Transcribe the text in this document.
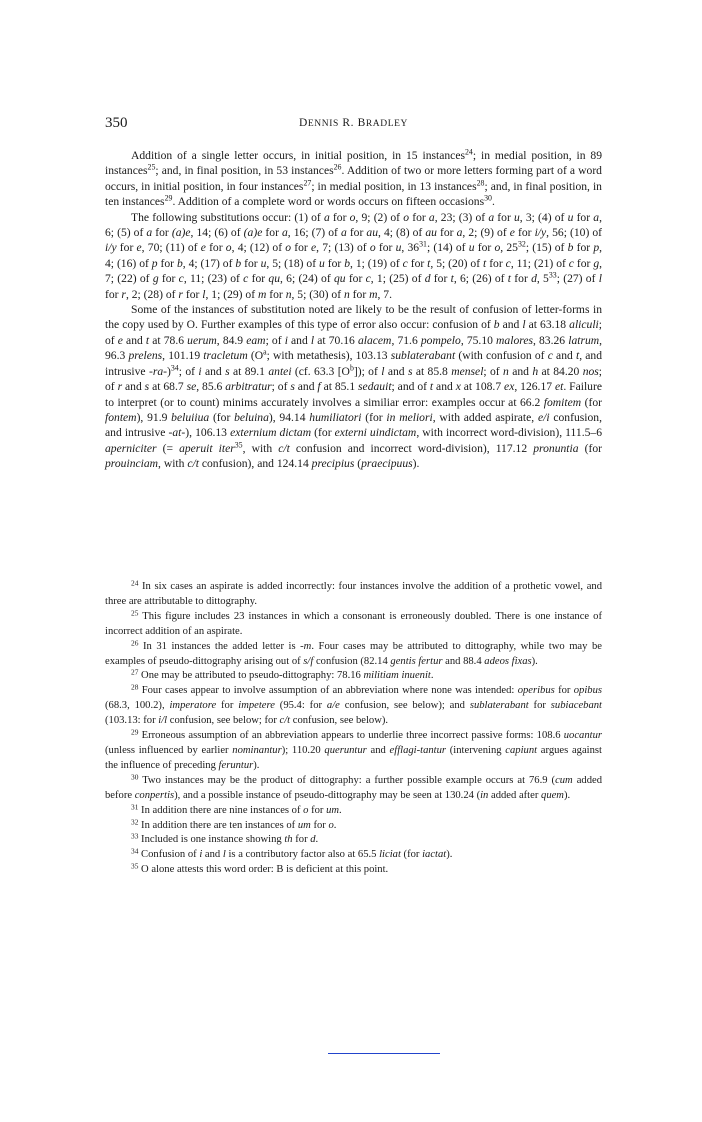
350	DENNIS R. BRADLEY

Addition of a single letter occurs, in initial position, in 15 instances$^{24}$; in medial position, in 89 instances$^{25}$; and, in final position, in 53 instances$^{26}$. Addition of two or more letters forming part of a word occurs, in initial position, in four instances$^{27}$; in medial position, in 13 instances$^{28}$; and, in final position, in ten instances$^{29}$. Addition of a complete word or words occurs on fifteen occasions$^{30}$.

The following substitutions occur: (1) of a for o, 9; (2) of o for a, 23; (3) of a for u, 3; (4) of u for a, 6; (5) of a for (a)e, 14; (6) of (a)e for a, 16; (7) of a for au, 4; (8) of au for a, 2; (9) of e for i/y, 56; (10) of i/y for e, 70; (11) of e for o, 4; (12) of o for e, 7; (13) of o for u, $36^{31}$; (14) of u for o, $25^{32}$; (15) of b for p, 4; (16) of p for b, 4; (17) of b for u, 5; (18) of u for b, 1; (19) of c for t, 5; (20) of t for c, 11; (21) of c for g, 7; (22) of g for c, 11; (23) of c for qu, 6; (24) of qu for c, 1; (25) of d for t, 6; (26) of t for d, $5^{33}$; (27) of l for r, 2; (28) of r for l, 1; (29) of m for n, 5; (30) of n for m, 7.

Some of the instances of substitution noted are likely to be the result of confusion of letter-forms in the copy used by O. Further examples of this type of error also occur: confusion of b and l at 63.18 aliculi; of e and t at 78.6 uerum, 84.9 eam; of i and l at 70.16 alacem, 71.6 pompelo, 75.10 malores, 83.26 latrum, 96.3 prelens, 101.19 tracletum ($O^a$; with metathesis), 103.13 sublaterabant (with confusion of c and t, and intrusive -ra-)$^{34}$; of i and s at 89.1 antei (cf. 63.3 $[O^b]$); of l and s at 85.8 mensel; of n and h at 84.20 nos; of r and s at 68.7 se, 85.6 arbitratur; of s and f at 85.1 sedauit; and of t and x at 108.7 ex, 126.17 et. Failure to interpret (or to count) minims accurately involves a similiar error: examples occur at 66.2 fomitem (for fontem), 91.9 beluiiua (for beluina), 94.14 humiliatori (for in meliori, with added aspirate, e/i confusion, and intrusive -at-), 106.13 externium dictam (for externi uindictam, with incorrect word-division), 111.5–6 aperniciter (= aperuit iter$^{35}$, with c/t confusion and incorrect word-division), 117.12 pronuntia (for prouinciam, with c/t confusion), and 124.14 precipius (praecipuus).

$^{24}$ In six cases an aspirate is added incorrectly: four instances involve the addition of a prothetic vowel, and three are attributable to dittography.

$^{25}$ This figure includes 23 instances in which a consonant is erroneously doubled. There is one instance of incorrect addition of an aspirate.

$^{26}$ In 31 instances the added letter is -m. Four cases may be attributed to dittography, while two may be examples of pseudo-dittography arising out of s/f confusion (82.14 gentis fertur and 88.4 adeos fixas).

$^{27}$ One may be attributed to pseudo-dittography: 78.16 militiam inuenit.

$^{28}$ Four cases appear to involve assumption of an abbreviation where none was intended: operibus for opibus (68.3, 100.2), imperatore for impetere (95.4: for a/e confusion, see below); and sublaterabant for subiacebant (103.13: for i/l confusion, see below; for c/t confusion, see below).

$^{29}$ Erroneous assumption of an abbreviation appears to underlie three incorrect passive forms: 108.6 uocantur (unless influenced by earlier nominantur); 110.20 queruntur and efflagi-tantur (intervening capiunt argues against the influence of preceding feruntur).

$^{30}$ Two instances may be the product of dittography: a further possible example occurs at 76.9 (cum added before conpertis), and a possible instance of pseudo-dittography may be seen at 130.24 (in added after quem).

$^{31}$ In addition there are nine instances of o for um.

$^{32}$ In addition there are ten instances of um for o.

$^{33}$ Included is one instance showing th for d.

$^{34}$ Confusion of i and l is a contributory factor also at 65.5 liciat (for iactat).

$^{35}$ O alone attests this word order: B is deficient at this point.
